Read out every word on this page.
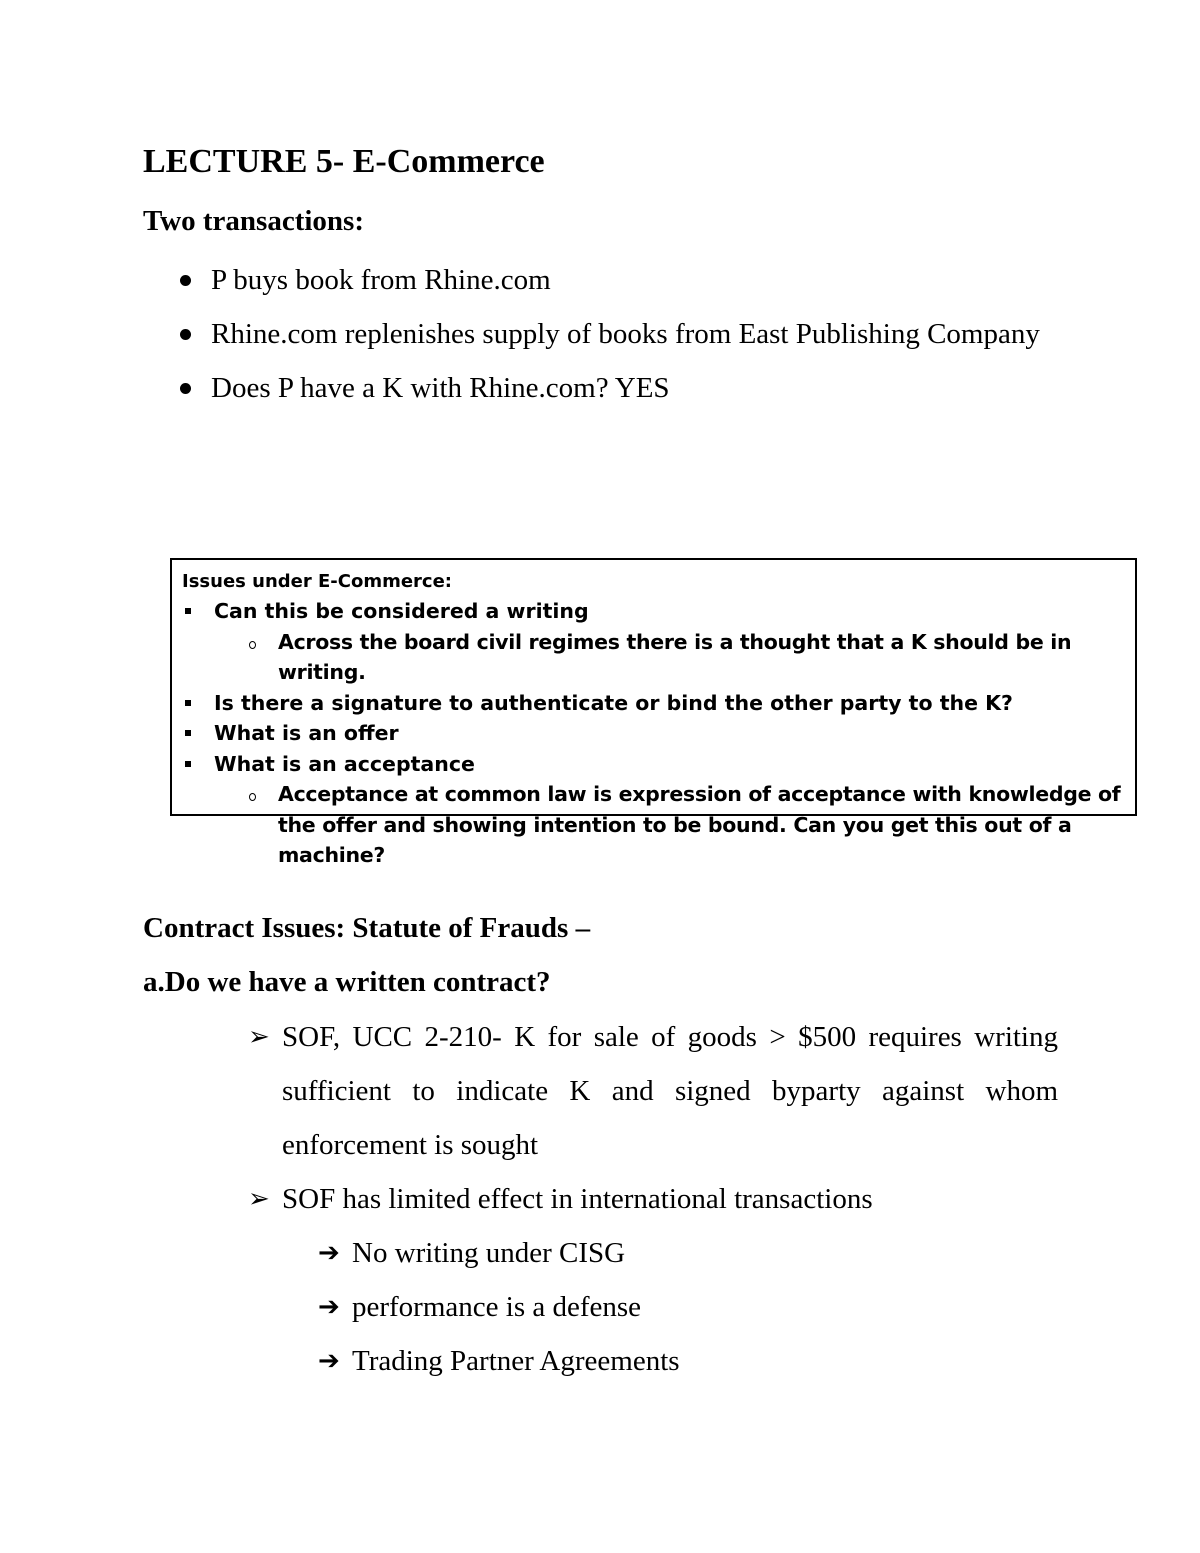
LECTURE 5- E-Commerce
Two transactions:
P buys book from Rhine.com
Rhine.com replenishes supply of books from East Publishing Company
Does P have a K with Rhine.com? YES
Issues under E-Commerce:
Can this be considered a writing
Across the board civil regimes there is a thought that a K should be in writing.
Is there a signature to authenticate or bind the other party to the K?
What is an offer
What is an acceptance
Acceptance at common law is expression of acceptance with knowledge of the offer and showing intention to be bound. Can you get this out of a machine?
Contract Issues: Statute of Frauds –
a.Do we have a written contract?
➢ SOF, UCC 2-210- K for sale of goods > $500 requires writing sufficient to indicate K and signed byparty against whom enforcement is sought
➢ SOF has limited effect in international transactions
➔ No writing under CISG
➔ performance is a defense
➔ Trading Partner Agreements
